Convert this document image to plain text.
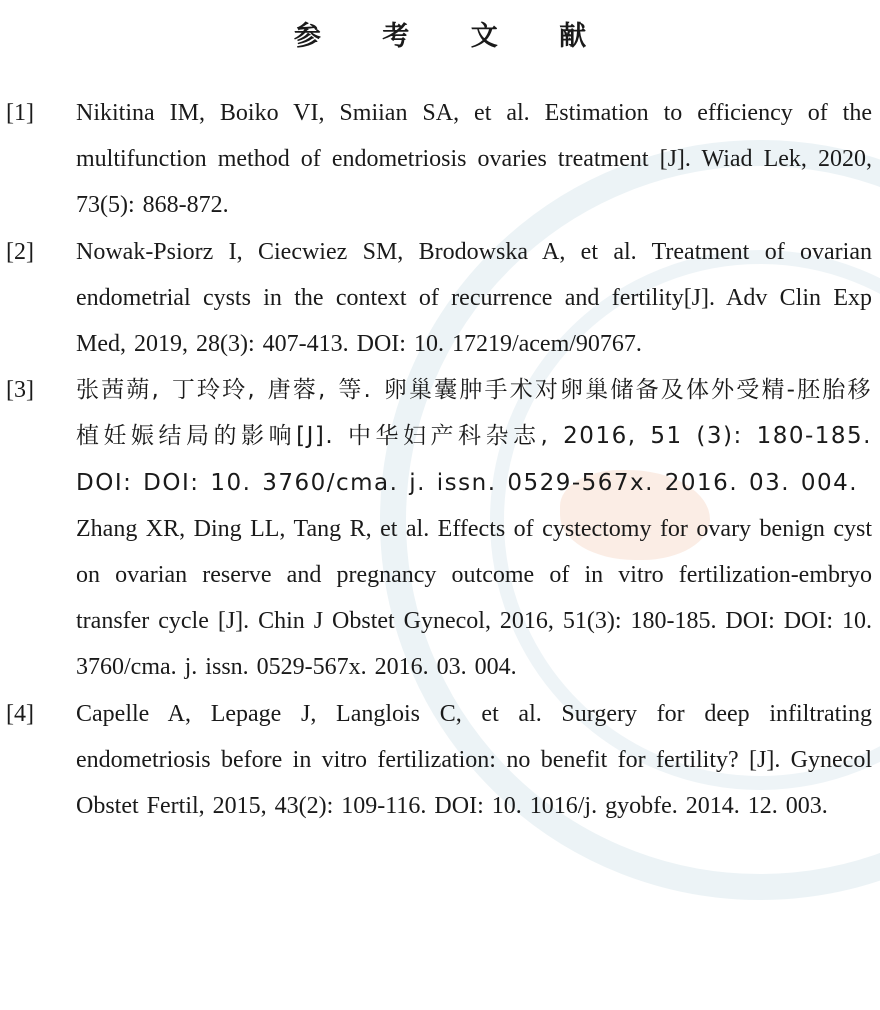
参 考 文 献
[1]	Nikitina IM, Boiko VI, Smiian SA, et al. Estimation to efficiency of the multifunction method of endometriosis ovaries treatment [J]. Wiad Lek, 2020, 73(5): 868-872.
[2]	Nowak-Psiorz I, Ciecwiez SM, Brodowska A, et al. Treatment of ovarian endometrial cysts in the context of recurrence and fertility[J]. Adv Clin Exp Med, 2019, 28(3): 407-413. DOI: 10. 17219/acem/90767.
[3]	张茜蒴, 丁玲玲, 唐蓉, 等. 卵巢囊肿手术对卵巢储备及体外受精-胚胎移植妊娠结局的影响[J]. 中华妇产科杂志, 2016, 51 (3): 180-185. DOI: DOI: 10. 3760/cma. j. issn. 0529-567x. 2016. 03. 004.
Zhang XR, Ding LL, Tang R, et al. Effects of cystectomy for ovary benign cyst on ovarian reserve and pregnancy outcome of in vitro fertilization-embryo transfer cycle [J]. Chin J Obstet Gynecol, 2016, 51(3): 180-185. DOI: DOI: 10. 3760/cma. j. issn. 0529-567x. 2016. 03. 004.
[4]	Capelle A, Lepage J, Langlois C, et al. Surgery for deep infiltrating endometriosis before in vitro fertilization: no benefit for fertility? [J]. Gynecol Obstet Fertil, 2015, 43(2): 109-116. DOI: 10. 1016/j. gyobfe. 2014. 12. 003.
